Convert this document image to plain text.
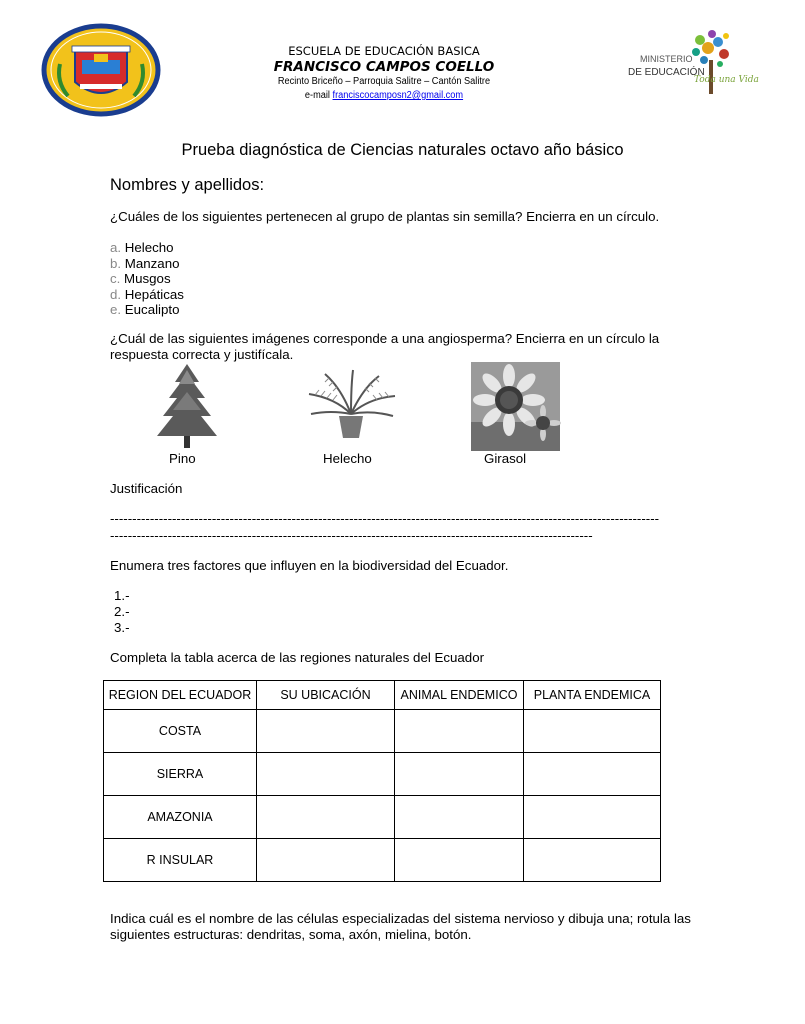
MINISTERIO
DE EDUCACIÓN
Toda una Vida
ESCUELA DE EDUCACIÓN BASICA
FRANCISCO CAMPOS COELLO
Recinto Briceño – Parroquia Salitre – Cantón Salitre
e-mail franciscocamposn2@gmail.com
Prueba diagnóstica de Ciencias naturales octavo año básico
Nombres y apellidos:
¿Cuáles de los siguientes pertenecen al grupo de plantas sin semilla? Encierra en un círculo.
a. Helecho
b. Manzano
c. Musgos
d. Hepáticas
e. Eucalipto
¿Cuál de las siguientes imágenes corresponde a una angiosperma? Encierra en un círculo la respuesta correcta y justifícala.
Pino	Helecho	Girasol
Justificación
----------------------------------------------------------------------------------------------------------------------------
-------------------------------------------------------------------------------------------------------------
Enumera tres factores que influyen en la biodiversidad del Ecuador.
1.-
2.-
3.-
Completa la tabla acerca de las regiones naturales del Ecuador
REGION DEL ECUADOR	SU UBICACIÓN	ANIMAL ENDEMICO	PLANTA ENDEMICA
COSTA			
SIERRA			
AMAZONIA			
R INSULAR			
Indica cuál es el nombre de las células especializadas del sistema nervioso y dibuja una; rotula las siguientes estructuras: dendritas, soma, axón, mielina, botón.
